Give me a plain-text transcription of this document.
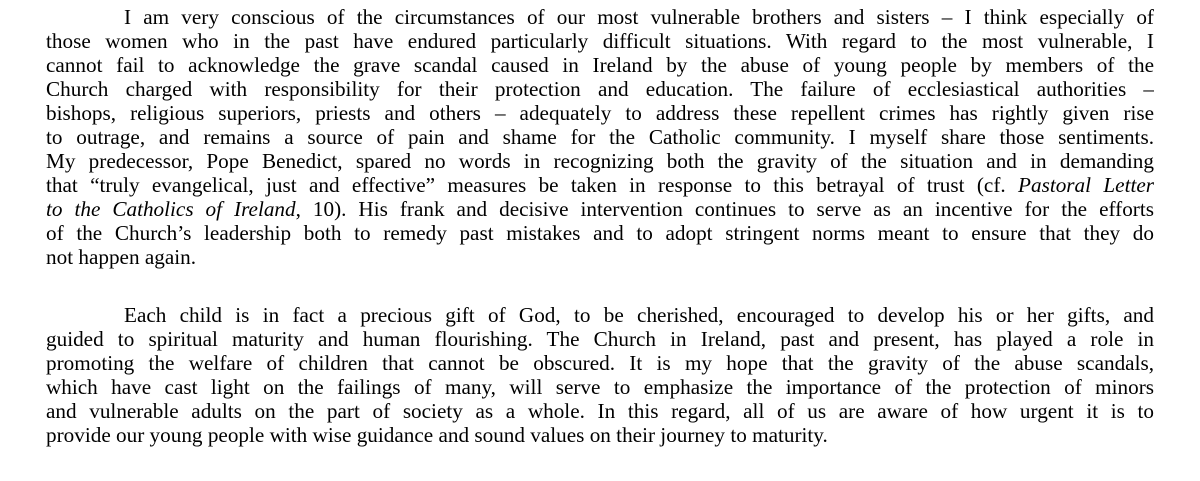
I am very conscious of the circumstances of our most vulnerable brothers and sisters – I think especially of
those women who in the past have endured particularly difficult situations. With regard to the most vulnerable, I
cannot fail to acknowledge the grave scandal caused in Ireland by the abuse of young people by members of the
Church charged with responsibility for their protection and education. The failure of ecclesiastical authorities –
bishops, religious superiors, priests and others – adequately to address these repellent crimes has rightly given rise
to outrage, and remains a source of pain and shame for the Catholic community. I myself share those sentiments.
My predecessor, Pope Benedict, spared no words in recognizing both the gravity of the situation and in demanding
that “truly evangelical, just and effective” measures be taken in response to this betrayal of trust (cf. Pastoral Letter
to the Catholics of Ireland, 10). His frank and decisive intervention continues to serve as an incentive for the efforts
of the Church’s leadership both to remedy past mistakes and to adopt stringent norms meant to ensure that they do
not happen again.
Each child is in fact a precious gift of God, to be cherished, encouraged to develop his or her gifts, and
guided to spiritual maturity and human flourishing. The Church in Ireland, past and present, has played a role in
promoting the welfare of children that cannot be obscured. It is my hope that the gravity of the abuse scandals,
which have cast light on the failings of many, will serve to emphasize the importance of the protection of minors
and vulnerable adults on the part of society as a whole. In this regard, all of us are aware of how urgent it is to
provide our young people with wise guidance and sound values on their journey to maturity.
